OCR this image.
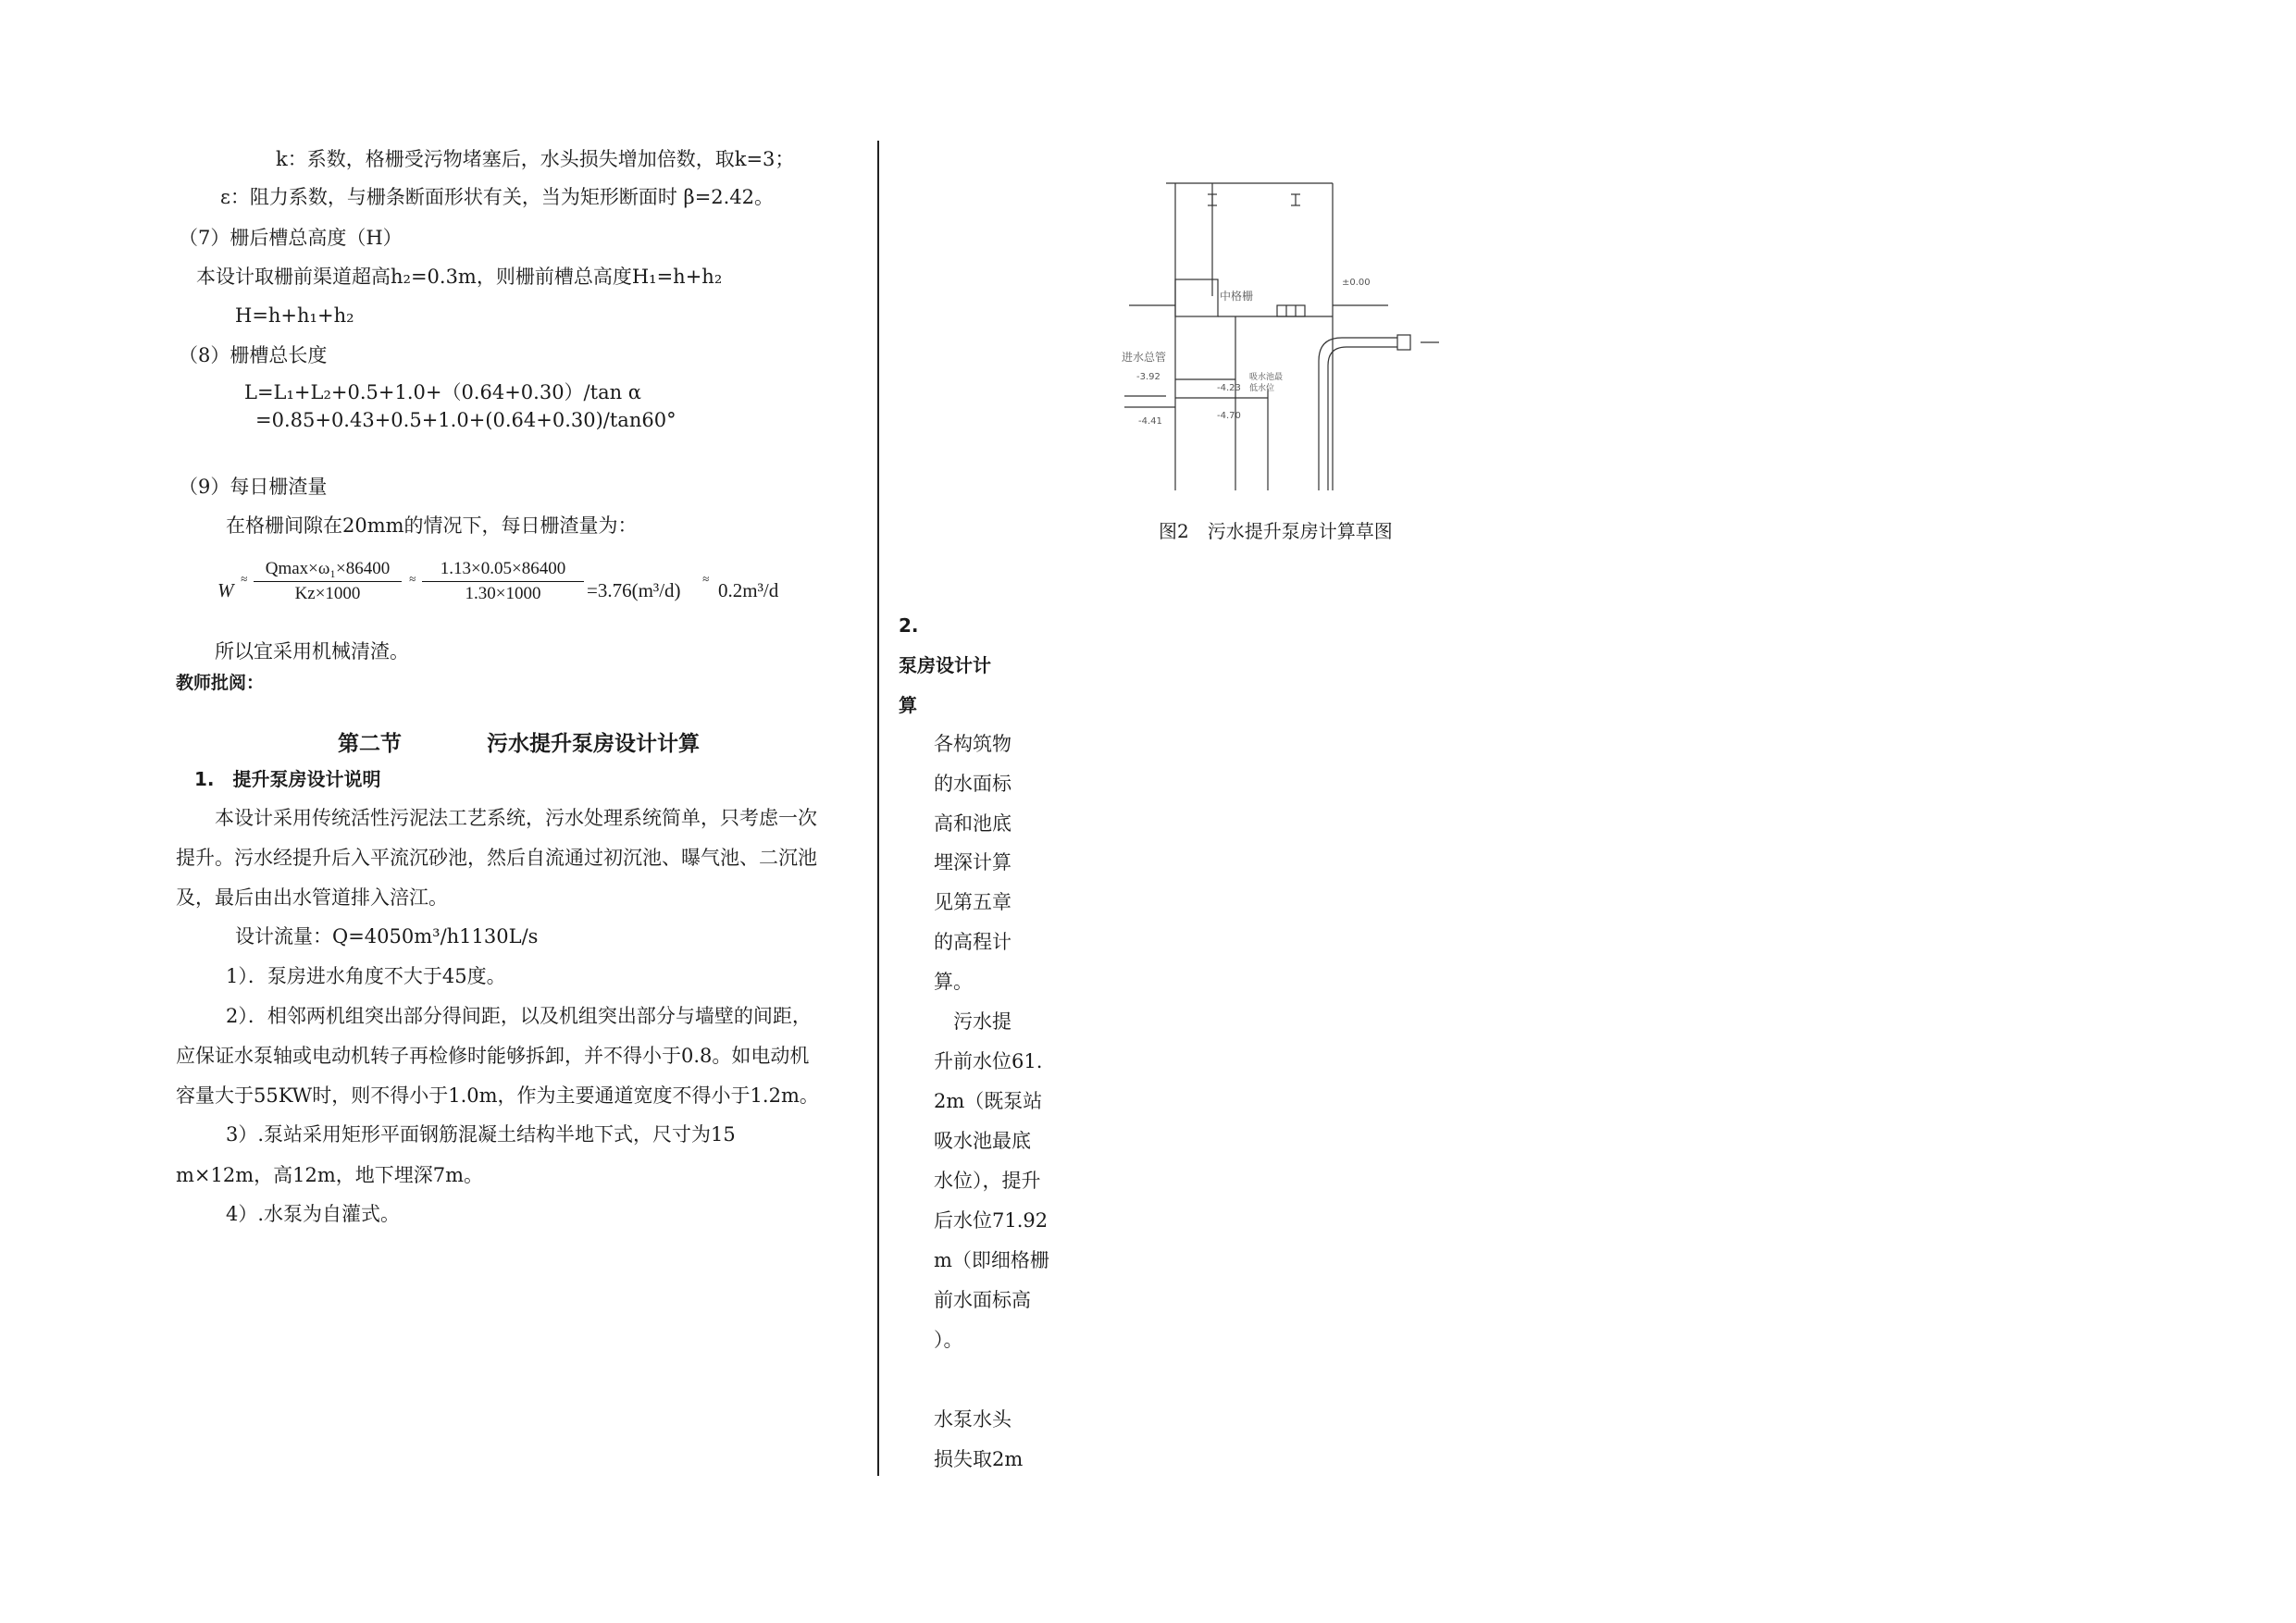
k：系数，格栅受污物堵塞后，水头损失增加倍数，取k=3；
ε：阻力系数，与栅条断面形状有关，当为矩形断面时 β=2.42。
（7）栅后槽总高度（H）
本设计取栅前渠道超高h₂=0.3m，则栅前槽总高度H₁=h+h₂
H=h+h₁+h₂
（8）栅槽总长度
L=L₁+L₂+0.5+1.0+（0.64+0.30）/tan α
=0.85+0.43+0.5+1.0+(0.64+0.30)/tan60°
（9）每日栅渣量
在格栅间隙在20mm的情况下，每日栅渣量为：
W
≈
Qmax×ω₁×86400
Kz×1000
≈
1.13×0.05×86400
1.30×1000	=3.76(m³/d)
≈
0.2m³/d
所以宜采用机械清渣。
教师批阅：
第二节　　　　污水提升泵房设计计算
1.　提升泵房设计说明
本设计采用传统活性污泥法工艺系统，污水处理系统简单，只考虑一次
提升。污水经提升后入平流沉砂池，然后自流通过初沉池、曝气池、二沉池
及，最后由出水管道排入涪江。
设计流量：Q=4050m³/h1130L/s
1）．泵房进水角度不大于45度。
2）．相邻两机组突出部分得间距，以及机组突出部分与墙壁的间距，
应保证水泵轴或电动机转子再检修时能够拆卸，并不得小于0.8。如电动机
容量大于55KW时，则不得小于1.0m，作为主要通道宽度不得小于1.2m。
3）.泵站采用矩形平面钢筋混凝土结构半地下式，尺寸为15
m×12m，高12m，地下埋深7m。
4）.水泵为自灌式。
±0.00
中格栅
进水总管
-3.92
-4.23
-4.70
-4.41
吸水池最
低水位
图2　污水提升泵房计算草图
2.
泵房设计计
算
各构筑物
的水面标
高和池底
埋深计算
见第五章
的高程计
算。
　污水提
升前水位61.
2m（既泵站
吸水池最底
水位），提升
后水位71.92
m（即细格栅
前水面标高
）。
水泵水头
损失取2m
